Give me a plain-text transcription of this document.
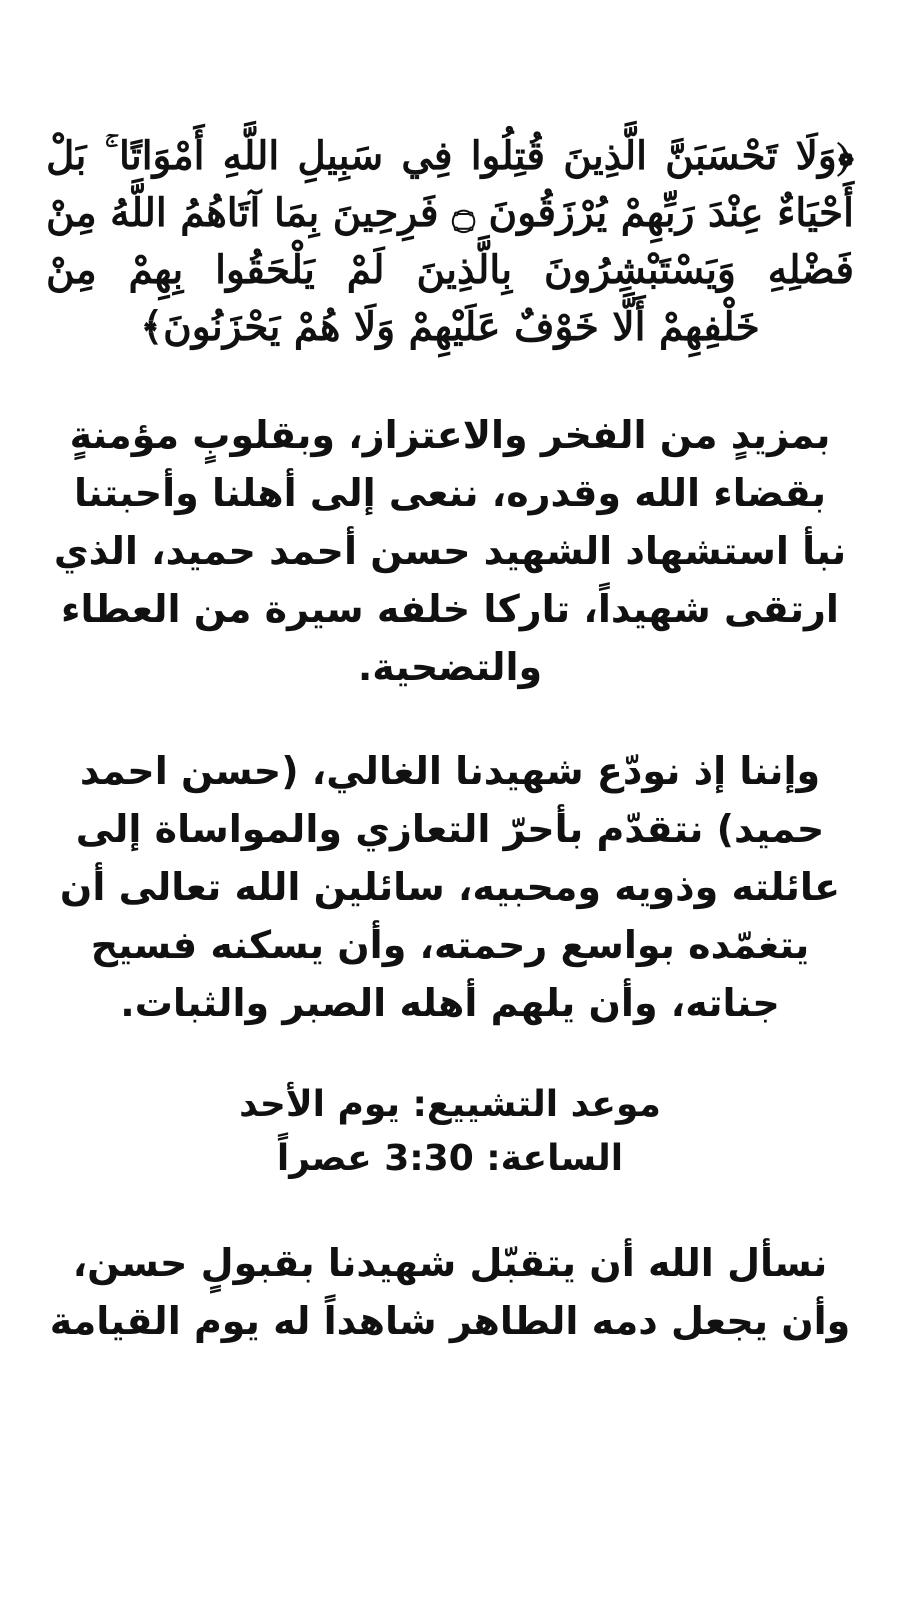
﴿وَلَا تَحْسَبَنَّ الَّذِينَ قُتِلُوا فِي سَبِيلِ اللَّهِ أَمْوَاتًا ۚ بَلْ أَحْيَاءٌ عِنْدَ رَبِّهِمْ يُرْزَقُونَ ۝ فَرِحِينَ بِمَا آتَاهُمُ اللَّهُ مِنْ فَضْلِهِ وَيَسْتَبْشِرُونَ بِالَّذِينَ لَمْ يَلْحَقُوا بِهِمْ مِنْ خَلْفِهِمْ أَلَّا خَوْفٌ عَلَيْهِمْ وَلَا هُمْ يَحْزَنُونَ﴾

بمزيدٍ من الفخر والاعتزاز، وبقلوبٍ مؤمنةٍ بقضاء الله وقدره، ننعى إلى أهلنا وأحبتنا نبأ استشهاد الشهيد حسن أحمد حميد، الذي ارتقى شهيداً، تاركا خلفه سيرة من العطاء والتضحية.

وإننا إذ نودّع شهيدنا الغالي، (حسن احمد حميد) نتقدّم بأحرّ التعازي والمواساة إلى عائلته وذويه ومحبيه، سائلين الله تعالى أن يتغمّده بواسع رحمته، وأن يسكنه فسيح جناته، وأن يلهم أهله الصبر والثبات.

موعد التشييع: يوم الأحد
الساعة: 3:30 عصراً

نسأل الله أن يتقبّل شهيدنا بقبولٍ حسن، وأن يجعل دمه الطاهر شاهداً له يوم القيامة
